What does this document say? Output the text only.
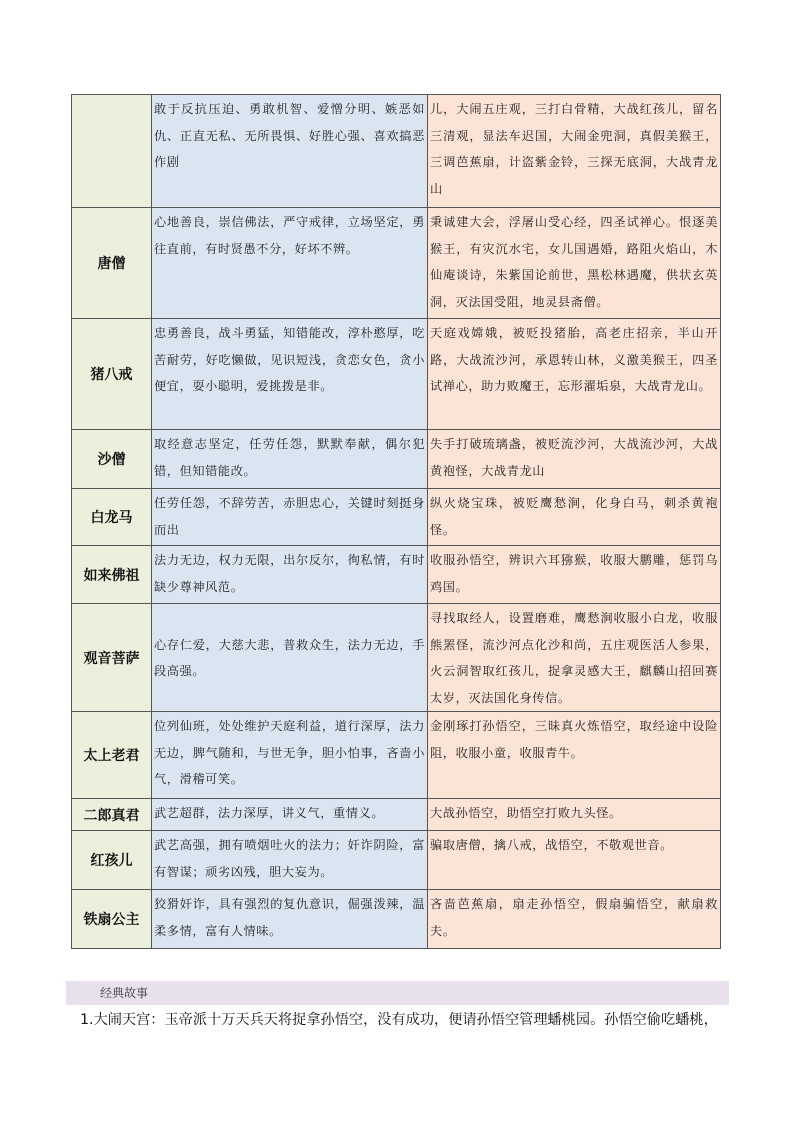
	敢于反抗压迫、勇敢机智、爱憎分明、嫉恶如仇、正直无私、无所畏惧、好胜心强、喜欢搞恶作剧	儿，大闹五庄观，三打白骨精，大战红孩儿，留名三清观，显法车迟国，大闹金兜洞，真假美猴王，三调芭蕉扇，计盗紫金铃，三探无底洞，大战青龙山

唐僧	心地善良，崇信佛法，严守戒律，立场坚定，勇往直前，有时贤愚不分，好坏不辨。	秉诚建大会，浮屠山受心经，四圣试禅心。恨逐美猴王，有灾沉水宅，女儿国遇婚，路阻火焰山，木仙庵谈诗，朱紫国论前世，黑松林遇魔，供状玄英洞，灭法国受阻，地灵县斋僧。

猪八戒	忠勇善良，战斗勇猛，知错能改，淳朴憨厚，吃苦耐劳，好吃懒做，见识短浅，贪恋女色，贪小便宜，耍小聪明，爱挑拨是非。	天庭戏嫦娥，被贬投猪胎，高老庄招亲，半山开路，大战流沙河，承恩转山林，义激美猴王，四圣试禅心，助力败魔王，忘形濯垢泉，大战青龙山。

沙僧	取经意志坚定，任劳任怨，默默奉献，偶尔犯错，但知错能改。	失手打破琉璃盏，被贬流沙河，大战流沙河，大战黄袍怪，大战青龙山

白龙马	任劳任怨，不辞劳苦，赤胆忠心，关键时刻挺身而出	纵火烧宝珠，被贬鹰愁涧，化身白马，刺杀黄袍怪。

如来佛祖	法力无边，权力无限，出尔反尔，徇私情，有时缺少尊神风范。	收服孙悟空，辨识六耳猕猴，收服大鹏雕，惩罚乌鸡国。

观音菩萨	心存仁爱，大慈大悲，普救众生，法力无边，手段高强。	寻找取经人，设置磨难，鹰愁涧收服小白龙，收服熊罴怪，流沙河点化沙和尚，五庄观医活人参果，火云洞智取红孩儿，捉拿灵感大王，麒麟山招回赛太岁，灭法国化身传信。

太上老君	位列仙班，处处维护天庭利益，道行深厚，法力无边，脾气随和，与世无争，胆小怕事，吝啬小气，滑稽可笑。	金刚琢打孙悟空，三昧真火炼悟空，取经途中设险阻，收服小童，收服青牛。

二郎真君	武艺超群，法力深厚，讲义气，重情义。	大战孙悟空，助悟空打败九头怪。

红孩儿	武艺高强，拥有喷烟吐火的法力；奸诈阴险，富有智谋；顽劣凶残，胆大妄为。	骗取唐僧，擒八戒，战悟空，不敬观世音。

铁扇公主	狡猾奸诈，具有强烈的复仇意识，倔强泼辣，温柔多情，富有人情味。	吝啬芭蕉扇，扇走孙悟空，假扇骗悟空，献扇救夫。
经典故事
1.大闹天宫：玉帝派十万天兵天将捉拿孙悟空，没有成功，便请孙悟空管理蟠桃园。孙悟空偷吃蟠桃，
